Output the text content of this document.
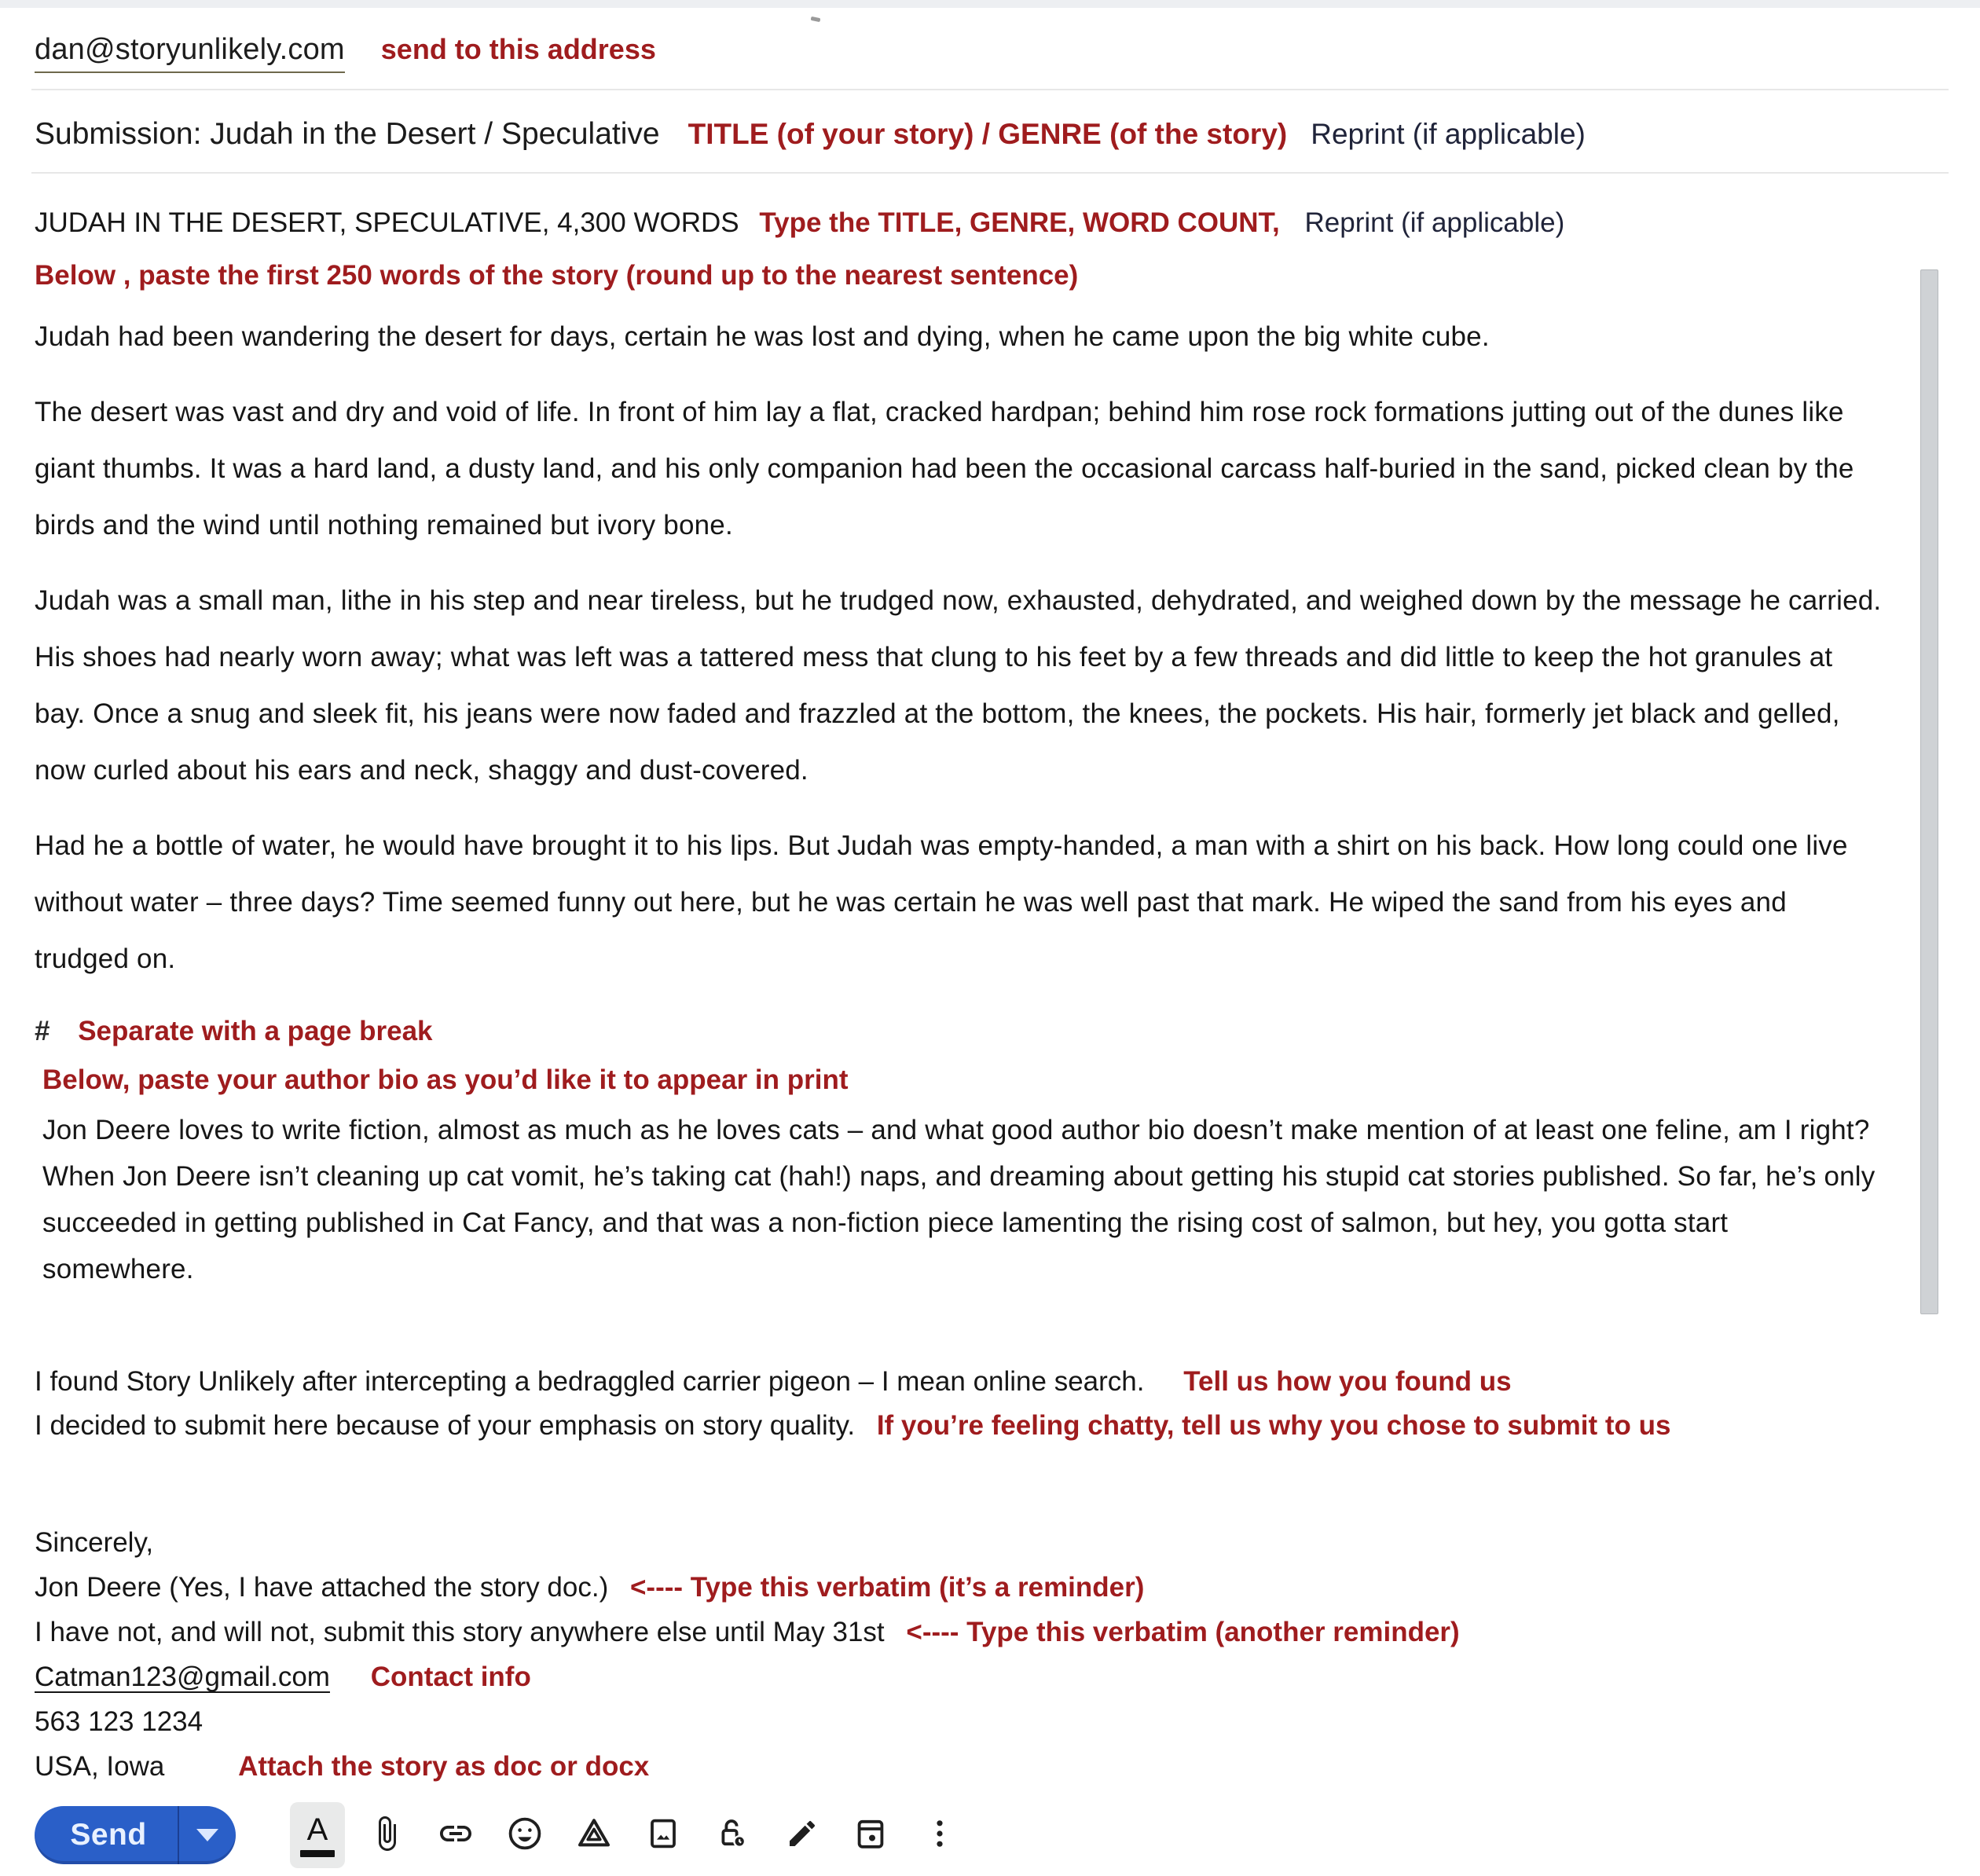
dan@storyunlikely.com send to this address
Submission: Judah in the Desert / Speculative TITLE (of your story) / GENRE (of the story) Reprint (if applicable)
JUDAH IN THE DESERT, SPECULATIVE, 4,300 WORDS Type the TITLE, GENRE, WORD COUNT, Reprint (if applicable)
Below , paste the first 250 words of the story (round up to the nearest sentence)

Judah had been wandering the desert for days, certain he was lost and dying, when he came upon the big white cube.

The desert was vast and dry and void of life. In front of him lay a flat, cracked hardpan; behind him rose rock formations jutting out of the dunes like giant thumbs. It was a hard land, a dusty land, and his only companion had been the occasional carcass half-buried in the sand, picked clean by the birds and the wind until nothing remained but ivory bone.

Judah was a small man, lithe in his step and near tireless, but he trudged now, exhausted, dehydrated, and weighed down by the message he carried. His shoes had nearly worn away; what was left was a tattered mess that clung to his feet by a few threads and did little to keep the hot granules at bay. Once a snug and sleek fit, his jeans were now faded and frazzled at the bottom, the knees, the pockets. His hair, formerly jet black and gelled, now curled about his ears and neck, shaggy and dust-covered.

Had he a bottle of water, he would have brought it to his lips. But Judah was empty-handed, a man with a shirt on his back. How long could one live without water – three days? Time seemed funny out here, but he was certain he was well past that mark. He wiped the sand from his eyes and trudged on.

# Separate with a page break
Below, paste your author bio as you’d like it to appear in print

Jon Deere loves to write fiction, almost as much as he loves cats – and what good author bio doesn’t make mention of at least one feline, am I right? When Jon Deere isn’t cleaning up cat vomit, he’s taking cat (hah!) naps, and dreaming about getting his stupid cat stories published. So far, he’s only succeeded in getting published in Cat Fancy, and that was a non-fiction piece lamenting the rising cost of salmon, but hey, you gotta start somewhere.

I found Story Unlikely after intercepting a bedraggled carrier pigeon – I mean online search. Tell us how you found us
I decided to submit here because of your emphasis on story quality. If you’re feeling chatty, tell us why you chose to submit to us
Sincerely,
Jon Deere (Yes, I have attached the story doc.) <---- Type this verbatim (it’s a reminder)
I have not, and will not, submit this story anywhere else until May 31st <---- Type this verbatim (another reminder)
Catman123@gmail.com Contact info
563 123 1234
USA, Iowa	Attach the story as doc or docx
Send	A
